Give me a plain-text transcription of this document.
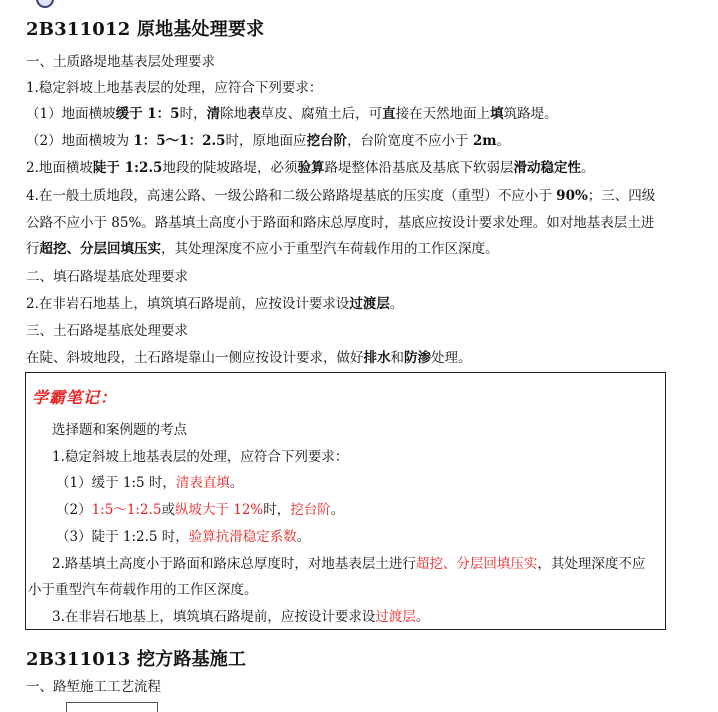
2B311012 原地基处理要求
一、土质路堤地基表层处理要求
1.稳定斜坡上地基表层的处理，应符合下列要求：
（1）地面横坡缓于 1：5时，清除地表草皮、腐殖土后，可直接在天然地面上填筑路堤。
（2）地面横坡为 1：5～1：2.5时，原地面应挖台阶，台阶宽度不应小于 2m。
2.地面横坡陡于 1:2.5地段的陡坡路堤，必须验算路堤整体沿基底及基底下软弱层滑动稳定性。
4.在一般土质地段，高速公路、一级公路和二级公路路堤基底的压实度（重型）不应小于 90%；三、四级
公路不应小于 85%。路基填土高度小于路面和路床总厚度时，基底应按设计要求处理。如对地基表层土进
行超挖、分层回填压实，其处理深度不应小于重型汽车荷载作用的工作区深度。
二、填石路堤基底处理要求
2.在非岩石地基上，填筑填石路堤前，应按设计要求设过渡层。
三、土石路堤基底处理要求
在陡、斜坡地段，土石路堤靠山一侧应按设计要求，做好排水和防渗处理。
学霸笔记：
选择题和案例题的考点
1.稳定斜坡上地基表层的处理，应符合下列要求：
（1）缓于 1:5 时，清表直填。
（2）1:5～1:2.5或纵坡大于 12%时，挖台阶。
（3）陡于 1:2.5 时，验算抗滑稳定系数。
2.路基填土高度小于路面和路床总厚度时，对地基表层土进行超挖、分层回填压实，其处理深度不应
小于重型汽车荷载作用的工作区深度。
3.在非岩石地基上，填筑填石路堤前，应按设计要求设过渡层。
2B311013 挖方路基施工
一、路堑施工工艺流程
